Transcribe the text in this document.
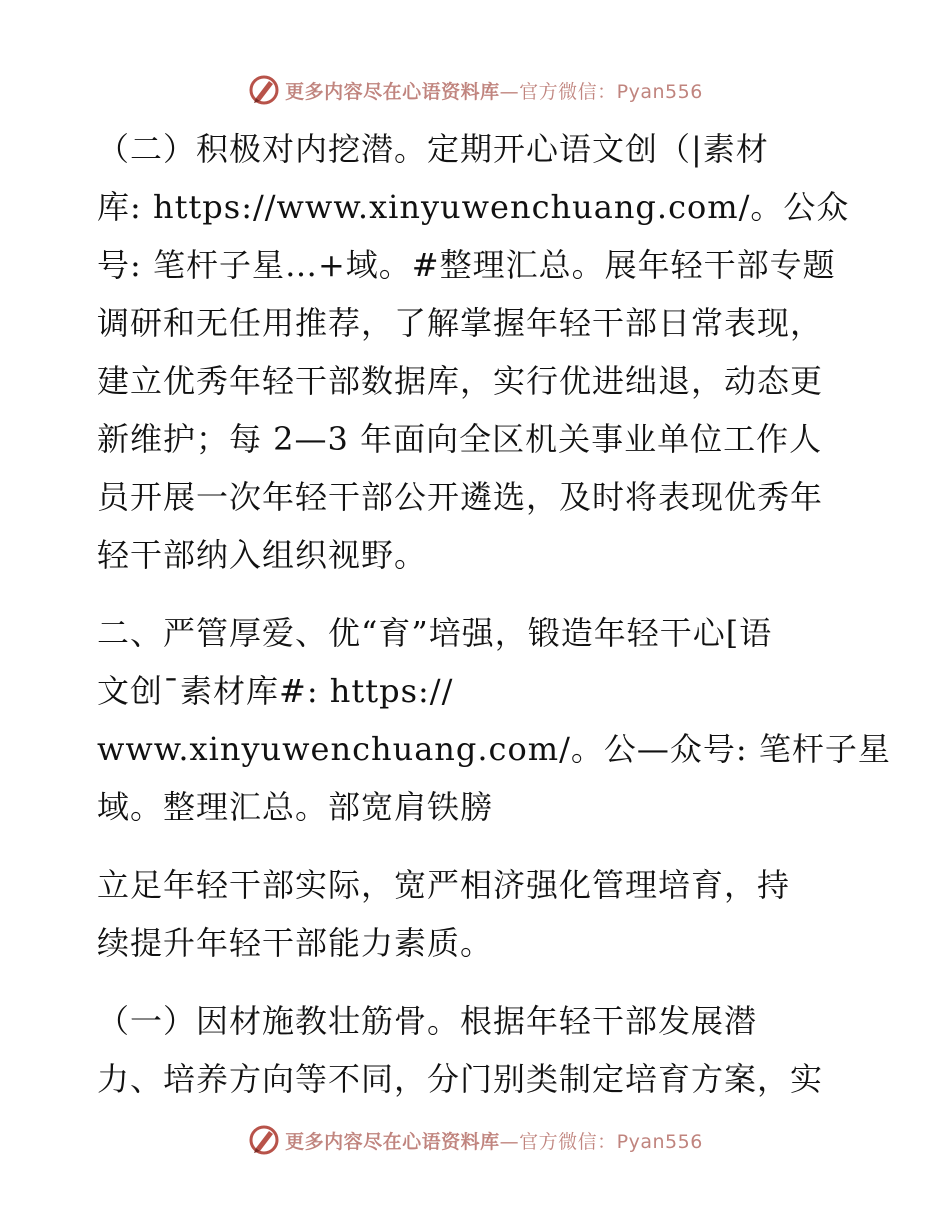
更多内容尽在心语资料库—官方微信：Pyan556
（二）积极对内挖潜。定期开心语文创（|素材
库: https://www.xinyuwenchuang.com/。公众
号: 笔杆子星…+域。#整理汇总。展年轻干部专题
调研和无任用推荐，了解掌握年轻干部日常表现，
建立优秀年轻干部数据库，实行优进绌退，动态更
新维护；每 2—3 年面向全区机关事业单位工作人
员开展一次年轻干部公开遴选，及时将表现优秀年
轻干部纳入组织视野。
二、严管厚爱、优“育”培强，锻造年轻干心[语
文创¯素材库#: https://
www.xinyuwenchuang.com/。公—众号: 笔杆子星
域。整理汇总。部宽肩铁膀
立足年轻干部实际，宽严相济强化管理培育，持
续提升年轻干部能力素质。
（一）因材施教壮筋骨。根据年轻干部发展潜
力、培养方向等不同，分门别类制定培育方案，实
更多内容尽在心语资料库—官方微信：Pyan556
